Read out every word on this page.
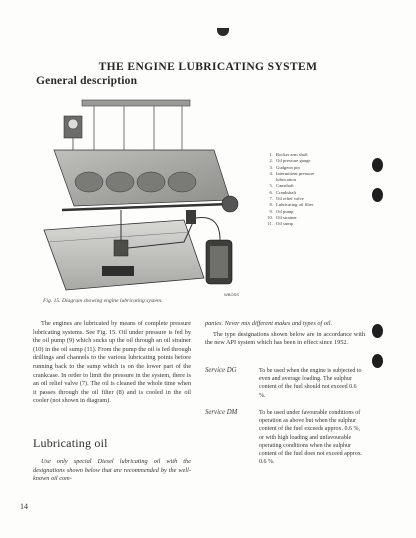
THE ENGINE LUBRICATING SYSTEM
General description
WBOSS
1. Rocker arm shaft
2. Oil pressure gauge
3. Gudgeon pin
4. Intermittent pressure lubrication
5. Camshaft
6. Crankshaft
7. Oil relief valve
8. Lubricating oil filter
9. Oil pump
10. Oil strainer
11. Oil sump
Fig. 15. Diagram showing engine lubricating system.

The engines are lubricated by means of complete pressure lubricating systems. See Fig. 15. Oil under pressure is fed by the oil pump (9) which sucks up the oil through an oil strainer (10) in the oil sump (11). From the pump the oil is fed through drillings and channels to the various lubricating points before running back to the sump which is on the lower part of the crankcase. In order to limit the pressure in the system, there is an oil relief valve (7). The oil is cleaned the whole time when it passes through the oil filter (8) and is cooled in the oil cooler (not shown in diagram).

Lubricating oil

Use only special Diesel lubricating oil with the designations shown below that are recommended by the well-known oil com-

panies. Never mix different makes and types of oil.

The type designations shown below are in accordance with the new API system which has been in effect since 1952.

Service DG	To be used when the engine is subjected to even and average loading. The sulphur content of the fuel should not exceed 0.6 %.
Service DM	To be used under favourable conditions of operation as above but when the sulphur content of the fuel exceeds approx. 0.6 %, or with high loading and unfavourable operating conditions when the sulphur content of the fuel does not exceed approx. 0.6 %.
14
